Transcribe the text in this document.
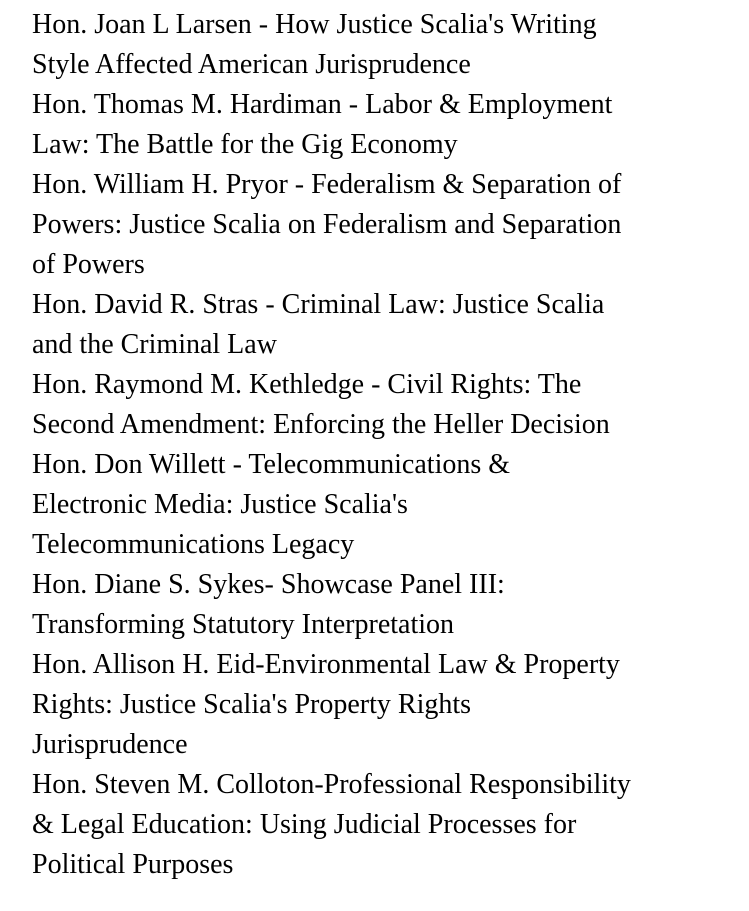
Hon. Joan L Larsen - How Justice Scalia's Writing
Style Affected American Jurisprudence
Hon. Thomas M. Hardiman - Labor & Employment
Law: The Battle for the Gig Economy
Hon. William H. Pryor - Federalism & Separation of
Powers: Justice Scalia on Federalism and Separation
of Powers
Hon. David R. Stras - Criminal Law: Justice Scalia
and the Criminal Law
Hon. Raymond M. Kethledge - Civil Rights: The
Second Amendment: Enforcing the Heller Decision
Hon. Don Willett - Telecommunications &
Electronic Media: Justice Scalia's
Telecommunications Legacy
Hon. Diane S. Sykes- Showcase Panel III:
Transforming Statutory Interpretation
Hon. Allison H. Eid-Environmental Law & Property
Rights: Justice Scalia's Property Rights
Jurisprudence
Hon. Steven M. Colloton-Professional Responsibility
& Legal Education: Using Judicial Processes for
Political Purposes
